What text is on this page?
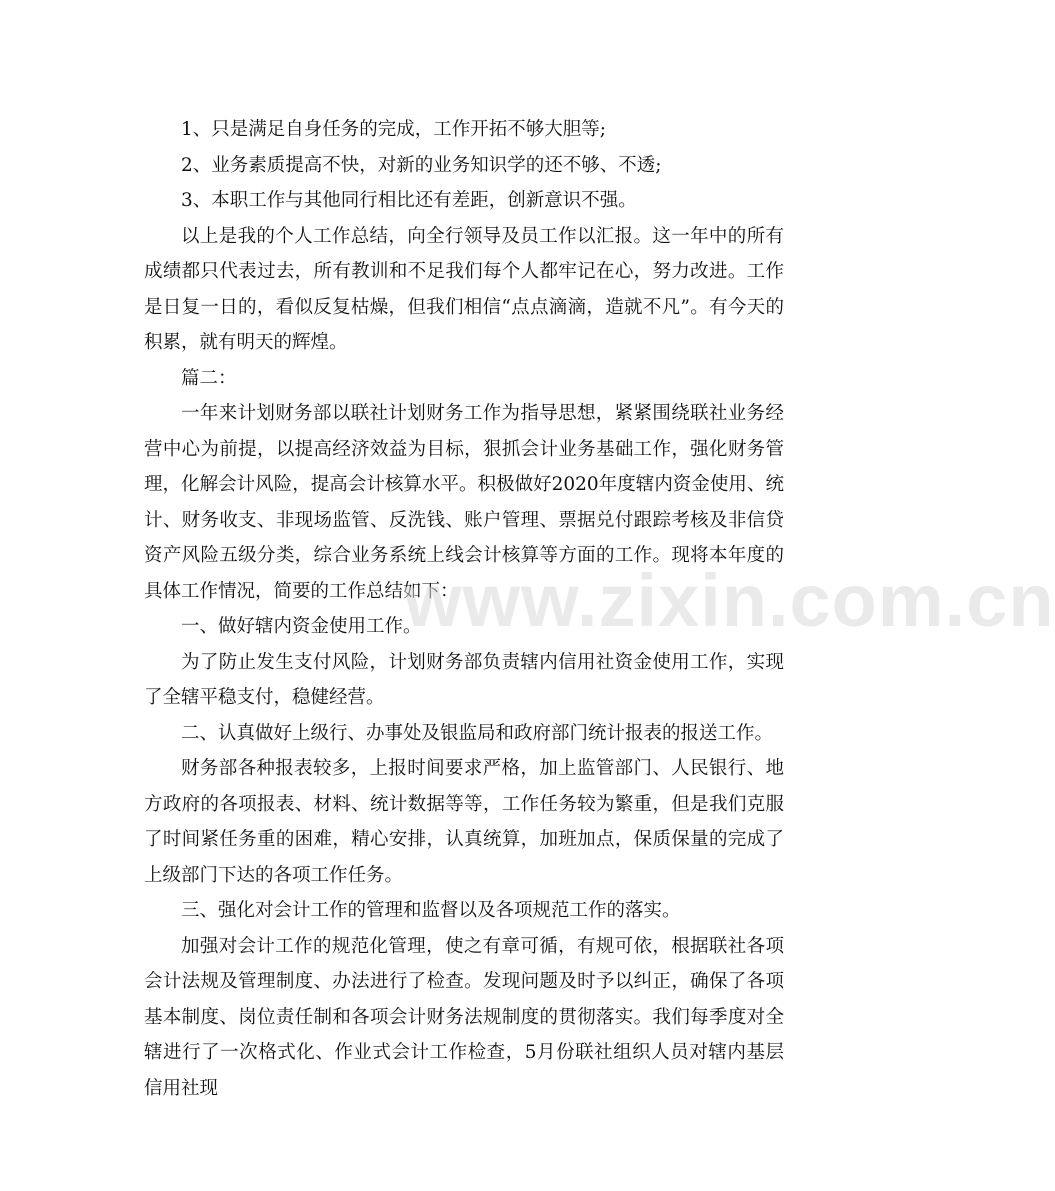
1、只是满足自身任务的完成，工作开拓不够大胆等;

2、业务素质提高不快，对新的业务知识学的还不够、不透;

3、本职工作与其他同行相比还有差距，创新意识不强。

以上是我的个人工作总结，向全行领导及员工作以汇报。这一年中的所有成绩都只代表过去，所有教训和不足我们每个人都牢记在心，努力改进。工作是日复一日的，看似反复枯燥，但我们相信“点点滴滴，造就不凡”。有今天的积累，就有明天的辉煌。

篇二：

一年来计划财务部以联社计划财务工作为指导思想，紧紧围绕联社业务经营中心为前提，以提高经济效益为目标，狠抓会计业务基础工作，强化财务管理，化解会计风险，提高会计核算水平。积极做好2020年度辖内资金使用、统计、财务收支、非现场监管、反洗钱、账户管理、票据兑付跟踪考核及非信贷资产风险五级分类，综合业务系统上线会计核算等方面的工作。现将本年度的具体工作情况，简要的工作总结如下：

一、做好辖内资金使用工作。

为了防止发生支付风险，计划财务部负责辖内信用社资金使用工作，实现了全辖平稳支付，稳健经营。

二、认真做好上级行、办事处及银监局和政府部门统计报表的报送工作。

财务部各种报表较多，上报时间要求严格，加上监管部门、人民银行、地方政府的各项报表、材料、统计数据等等，工作任务较为繁重，但是我们克服了时间紧任务重的困难，精心安排，认真统算，加班加点，保质保量的完成了上级部门下达的各项工作任务。

三、强化对会计工作的管理和监督以及各项规范工作的落实。

加强对会计工作的规范化管理，使之有章可循，有规可依，根据联社各项会计法规及管理制度、办法进行了检查。发现问题及时予以纠正，确保了各项基本制度、岗位责任制和各项会计财务法规制度的贯彻落实。我们每季度对全辖进行了一次格式化、作业式会计工作检查，5月份联社组织人员对辖内基层信用社现

www.zixin.com.cn
